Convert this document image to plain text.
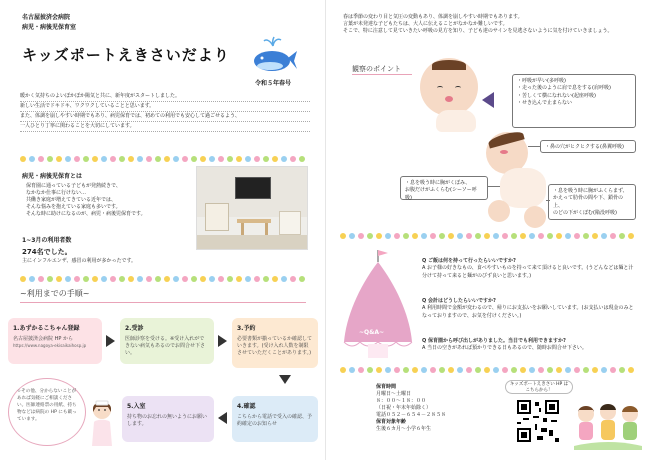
名古屋披済会病院
病児・病後児保育室
キッズポートえきさいだより
令和５年春号
暖かく気持ちのよいぽかぽか陽気と共に、新年度がスタートしました。
新しい生活でドキドキ、ワクワクしていることと思います。
また、体調を崩しやすい時期でもあり、病児保育では、初めての利用でも安心して過ごせるよう、
一人ひとり丁寧に関わることを大切にしています。
病児・病後児保育とは
保育園に通っている子どもが発熱続きで、
なかなか仕事に行けない…
共働き家庭が増えてきている近年では、
そんな悩みを抱えている家庭も多いです。
そんな時に助けになるのが、病児・病後児保育です。
1~3月の利用者数
274名でした。
主にインフルエンザ、感冒の利用が多かったです。
~利用までの手順~
1.あずかるこちゃん登録

名古屋披済会病院 HP から

https://www.nagoya-ekisaikaihosp.jp

2.受診

医師診察を受ける。※受け入れができない病気もあるのでお問合せ下さい。

3.予約

必要書類が揃っているか確認していきます。(受け入れ人数を制限させていただくことがあります。)

4.確認

こちらから電話で受入の確認、予約確定のお知らせ

5.入室

持ち物のお忘れの無いようにお願いします。

☆その他、分からないことがあれば気軽にご相談ください。医師連絡票の用紙、持ち物などは病院の HP にも載っています。
春は季節の変わり目と気圧の変動もあり、体調を崩しやすい時期でもあります。
言葉が未発達な子どもたちは、大人に伝えることがなかなか難しいです。
そこで、特に注意して見ていきたい呼吸の見方を知り、子ども達のサインを見逃さないように気を付けていきましょう。
観察のポイント
・呼吸が早い(多呼吸)
・走った後のように肩で息をする(肩呼吸)
・苦しくて横になれない(起座呼吸)
・せき込んで止まらない
・鼻の穴がヒクヒクする(鼻翼呼吸)
・息を吸う時に胸がくぼみ、
お腹だけがふくらむ(シーソー呼吸)
・息を吸う時に胸がふくらまず、
かえって肋骨の間や下、鎖骨の上、
のどの下がくぼむ(陥没呼吸)
~Q&A~
Q ご飯は何を持って行ったらいいですか?
A お子様の好きなもの、食べやすいものを持って来て頂けると良いです。(うどんなどは麺と汁分けて持って来ると麺がのびず良いと思います。)
Q 会計はどうしたらいいですか?
A 利用時間で金額が変わるので、帰りにお支払いをお願いしています。(お支払いは現金のみとなっておりますので、お気を付けください。)
Q 保育園から呼び出しがありました。当日でも利用できますか?
A 当日の空きがあれば預かりできる日もあるので、随時お問合せ下さい。
保育時間
月曜日～土曜日
８：００～１８：００
（日祝・年末年始除く）
電話０５２－６５４－２８５８
保育対象年齢
生後６カ月～小学６年生
キッズポートえきさい HP は
こちらから！
